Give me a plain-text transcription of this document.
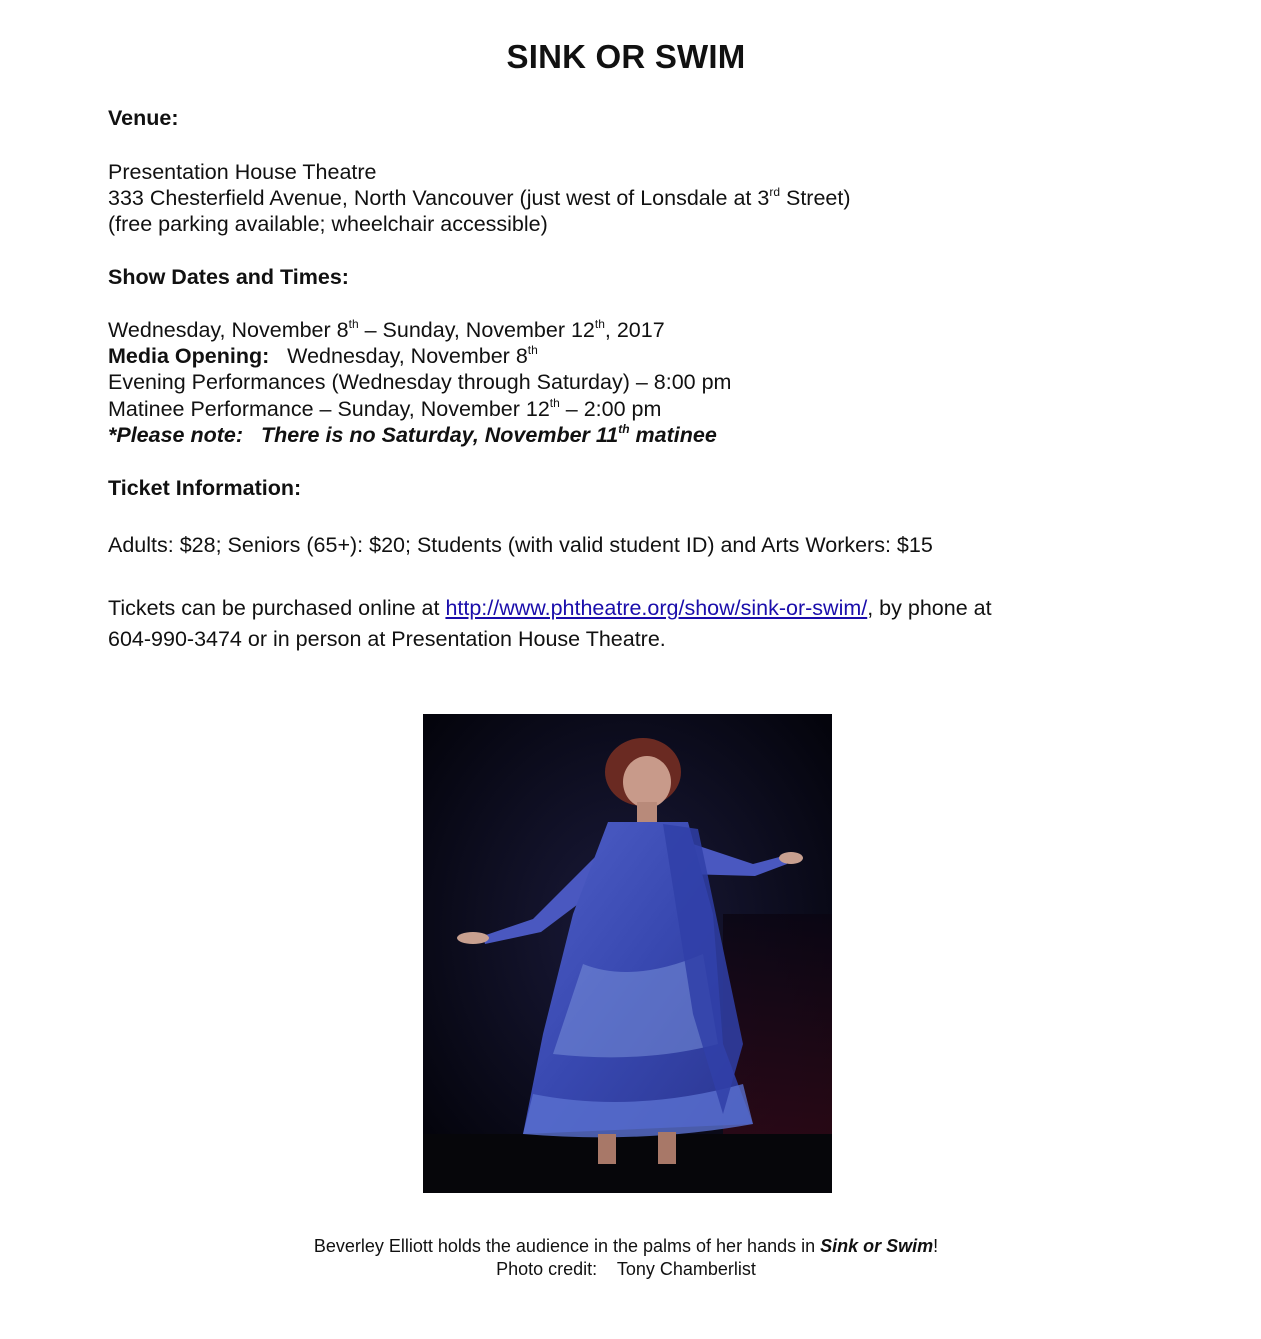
SINK OR SWIM
Venue:
Presentation House Theatre
333 Chesterfield Avenue, North Vancouver (just west of Lonsdale at 3rd Street)
(free parking available; wheelchair accessible)
Show Dates and Times:
Wednesday, November 8th – Sunday, November 12th, 2017
Media Opening:   Wednesday, November 8th
Evening Performances (Wednesday through Saturday) – 8:00 pm
Matinee Performance – Sunday, November 12th – 2:00 pm
*Please note:   There is no Saturday, November 11th matinee
Ticket Information:
Adults: $28; Seniors (65+): $20; Students (with valid student ID) and Arts Workers: $15
Tickets can be purchased online at http://www.phtheatre.org/show/sink-or-swim/, by phone at
604-990-3474 or in person at Presentation House Theatre.
Beverley Elliott holds the audience in the palms of her hands in Sink or Swim!
Photo credit:    Tony Chamberlist
